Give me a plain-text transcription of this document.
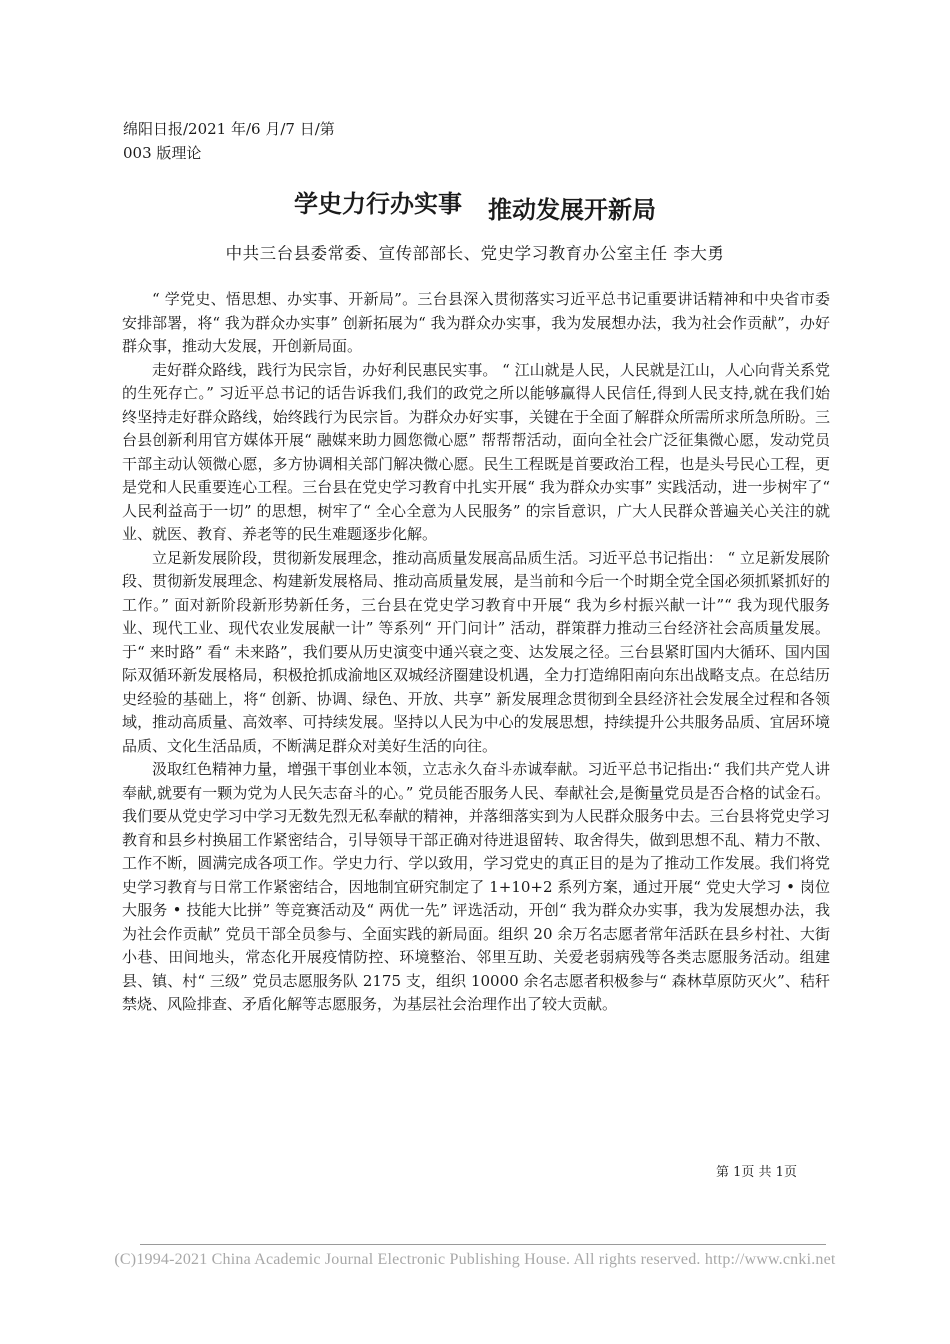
绵阳日报/2021 年/6 月/7 日/第 003 版理论
学史力行办实事 推动发展开新局
中共三台县委常委、宣传部部长、党史学习教育办公室主任 李大勇

“ 学党史、悟思想、办实事、开新局”。三台县深入贯彻落实习近平总书记重要讲话精神和中央省市委安排部署，将“ 我为群众办实事” 创新拓展为“ 我为群众办实事，我为发展想办法，我为社会作贡献”，办好群众事，推动大发展，开创新局面。

走好群众路线，践行为民宗旨，办好利民惠民实事。 “ 江山就是人民，人民就是江山，人心向背关系党的生死存亡。” 习近平总书记的话告诉我们,我们的政党之所以能够赢得人民信任,得到人民支持,就在我们始终坚持走好群众路线，始终践行为民宗旨。为群众办好实事，关键在于全面了解群众所需所求所急所盼。三台县创新利用官方媒体开展“ 融媒来助力圆您微心愿” 帮帮帮活动，面向全社会广泛征集微心愿，发动党员干部主动认领微心愿，多方协调相关部门解决微心愿。民生工程既是首要政治工程，也是头号民心工程，更是党和人民重要连心工程。三台县在党史学习教育中扎实开展“ 我为群众办实事” 实践活动，进一步树牢了“ 人民利益高于一切” 的思想，树牢了“ 全心全意为人民服务” 的宗旨意识，广大人民群众普遍关心关注的就业、就医、教育、养老等的民生难题逐步化解。

立足新发展阶段，贯彻新发展理念，推动高质量发展高品质生活。习近平总书记指出： “ 立足新发展阶段、贯彻新发展理念、构建新发展格局、推动高质量发展，是当前和今后一个时期全党全国必须抓紧抓好的工作。” 面对新阶段新形势新任务，三台县在党史学习教育中开展“ 我为乡村振兴献一计”“ 我为现代服务业、现代工业、现代农业发展献一计” 等系列“ 开门问计” 活动，群策群力推动三台经济社会高质量发展。于“ 来时路” 看“ 未来路”，我们要从历史演变中通兴衰之变、达发展之径。三台县紧盯国内大循环、国内国际双循环新发展格局，积极抢抓成渝地区双城经济圈建设机遇，全力打造绵阳南向东出战略支点。在总结历史经验的基础上，将“ 创新、协调、绿色、开放、共享” 新发展理念贯彻到全县经济社会发展全过程和各领域，推动高质量、高效率、可持续发展。坚持以人民为中心的发展思想，持续提升公共服务品质、宜居环境品质、文化生活品质，不断满足群众对美好生活的向往。

汲取红色精神力量，增强干事创业本领，立志永久奋斗赤诚奉献。习近平总书记指出:“ 我们共产党人讲奉献,就要有一颗为党为人民矢志奋斗的心。” 党员能否服务人民、奉献社会,是衡量党员是否合格的试金石。我们要从党史学习中学习无数先烈无私奉献的精神，并落细落实到为人民群众服务中去。三台县将党史学习教育和县乡村换届工作紧密结合，引导领导干部正确对待进退留转、取舍得失，做到思想不乱、精力不散、工作不断，圆满完成各项工作。学史力行、学以致用，学习党史的真正目的是为了推动工作发展。我们将党史学习教育与日常工作紧密结合，因地制宜研究制定了 1+10+2 系列方案，通过开展“ 党史大学习 • 岗位大服务 • 技能大比拼” 等竞赛活动及“ 两优一先” 评选活动，开创“ 我为群众办实事，我为发展想办法，我为社会作贡献” 党员干部全员参与、全面实践的新局面。组织 20 余万名志愿者常年活跃在县乡村社、大街小巷、田间地头，常态化开展疫情防控、环境整治、邻里互助、关爱老弱病残等各类志愿服务活动。组建县、镇、村“ 三级” 党员志愿服务队 2175 支，组织 10000 余名志愿者积极参与“ 森林草原防灭火”、秸秆禁烧、风险排查、矛盾化解等志愿服务，为基层社会治理作出了较大贡献。

第 1页 共 1页
(C)1994-2021 China Academic Journal Electronic Publishing House. All rights reserved. http://www.cnki.net
